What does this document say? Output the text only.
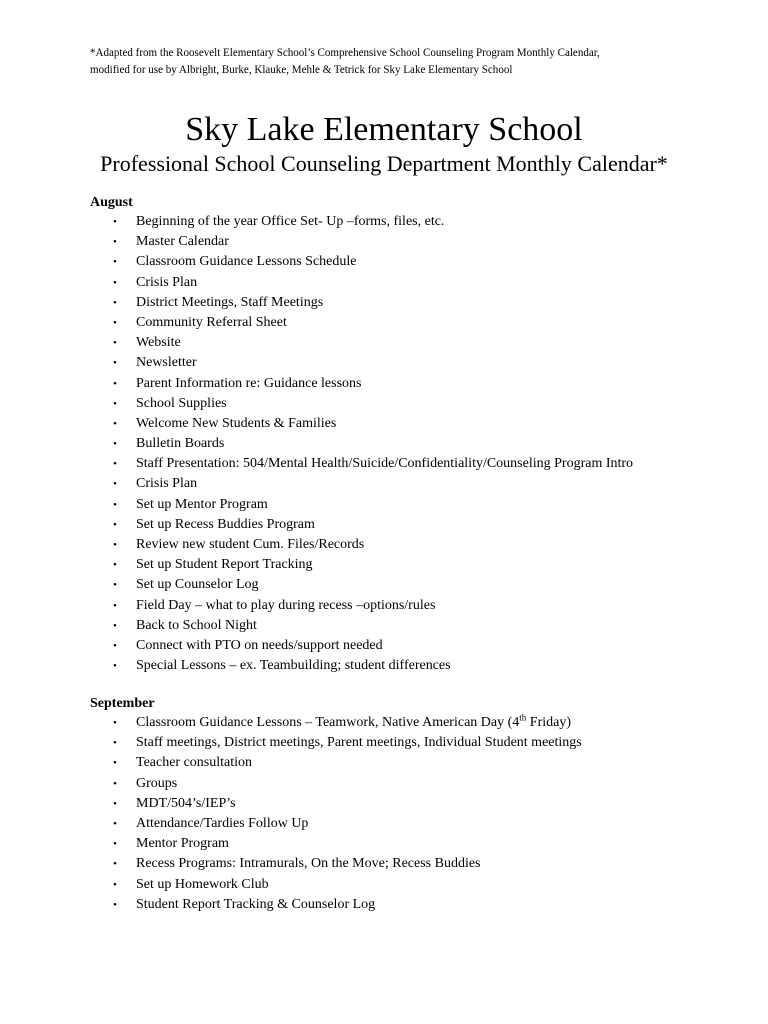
*Adapted from the Roosevelt Elementary School’s Comprehensive School Counseling Program Monthly Calendar,
modified for use by Albright, Burke, Klauke, Mehle & Tetrick for Sky Lake Elementary School
Sky Lake Elementary School
Professional School Counseling Department Monthly Calendar*
August
• Beginning of the year Office Set- Up –forms, files, etc.
• Master Calendar
• Classroom Guidance Lessons Schedule
• Crisis Plan
• District Meetings, Staff Meetings
• Community Referral Sheet
• Website
• Newsletter
• Parent Information re: Guidance lessons
• School Supplies
• Welcome New Students & Families
• Bulletin Boards
• Staff Presentation: 504/Mental Health/Suicide/Confidentiality/Counseling Program Intro
• Crisis Plan
• Set up Mentor Program
• Set up Recess Buddies Program
• Review new student Cum. Files/Records
• Set up Student Report Tracking
• Set up Counselor Log
• Field Day – what to play during recess –options/rules
• Back to School Night
• Connect with PTO on needs/support needed
• Special Lessons – ex. Teambuilding; student differences
September
• Classroom Guidance Lessons – Teamwork, Native American Day (4th Friday)
• Staff meetings, District meetings, Parent meetings, Individual Student meetings
• Teacher consultation
• Groups
• MDT/504’s/IEP’s
• Attendance/Tardies Follow Up
• Mentor Program
• Recess Programs: Intramurals, On the Move; Recess Buddies
• Set up Homework Club
• Student Report Tracking & Counselor Log
